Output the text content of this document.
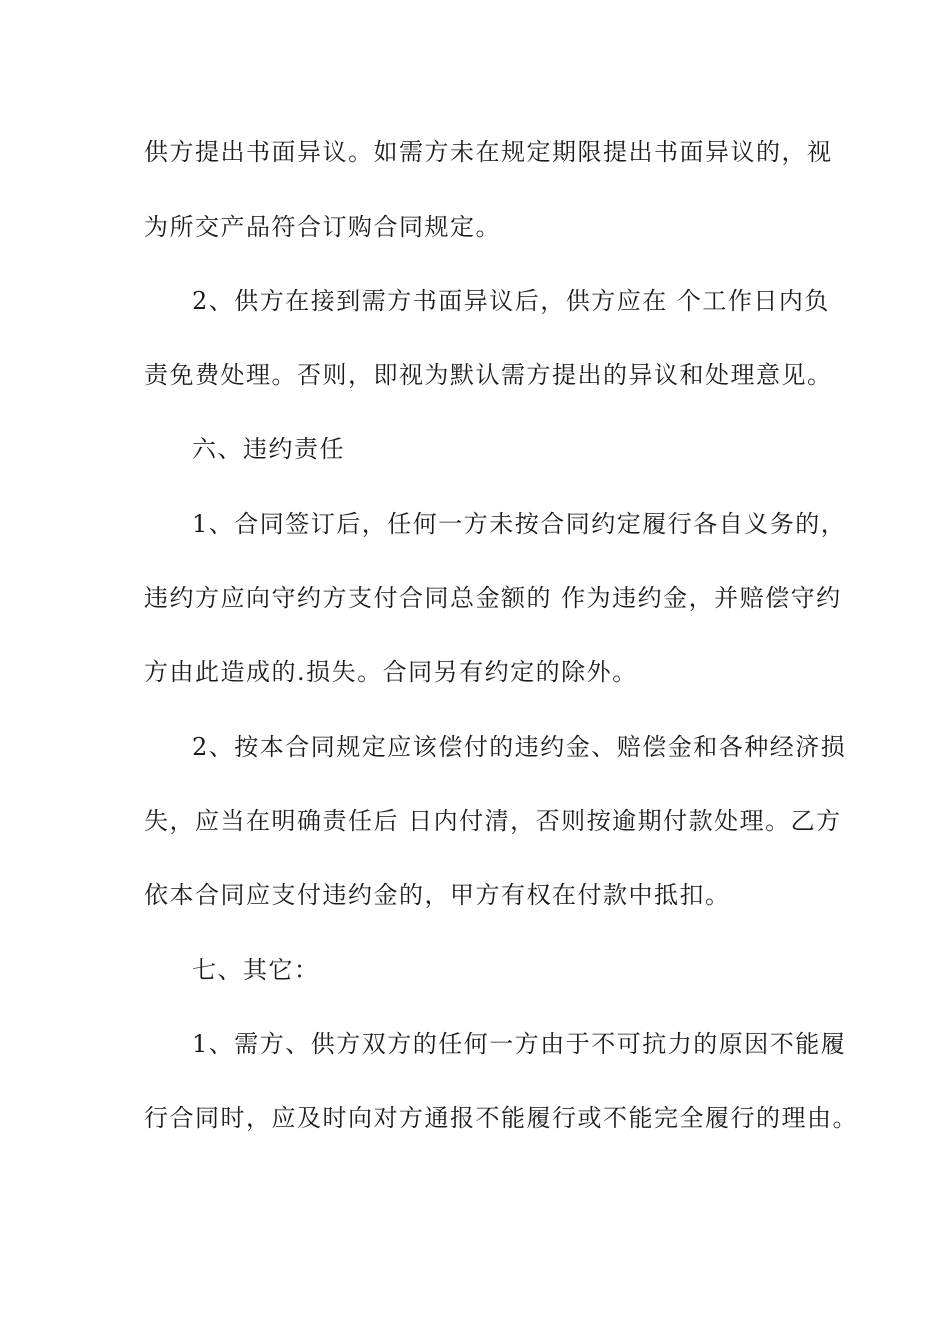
供方提出书面异议。如需方未在规定期限提出书面异议的，视
为所交产品符合订购合同规定。
2、供方在接到需方书面异议后，供方应在 个工作日内负
责免费处理。否则，即视为默认需方提出的异议和处理意见。
六、违约责任
1、合同签订后，任何一方未按合同约定履行各自义务的，
违约方应向守约方支付合同总金额的 作为违约金，并赔偿守约
方由此造成的.损失。合同另有约定的除外。
2、按本合同规定应该偿付的违约金、赔偿金和各种经济损
失，应当在明确责任后 日内付清，否则按逾期付款处理。乙方
依本合同应支付违约金的，甲方有权在付款中抵扣。
七、其它：
1、需方、供方双方的任何一方由于不可抗力的原因不能履
行合同时，应及时向对方通报不能履行或不能完全履行的理由。
